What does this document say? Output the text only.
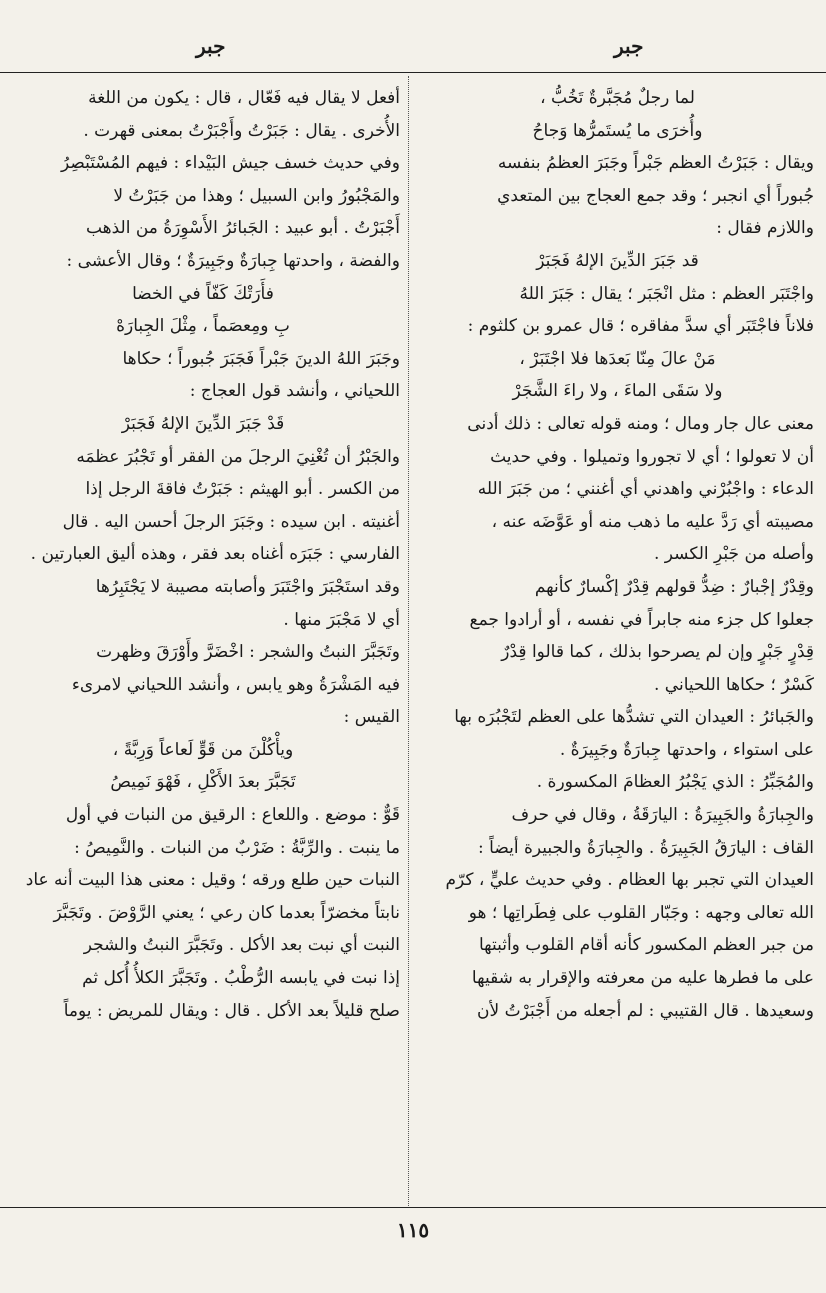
جبر	جبر

لما رجلٌ مُجَبَّرةٌ تَخُبُّ ،

وأُخرَى ما يُستَمرُّها وَجاحُ

ويقال : جَبَرْتُ العظم جَبْراً وجَبَرَ العظمُ بنفسه

جُبوراً أي انجبر ؛ وقد جمع العجاج بين المتعدي

واللازم فقال :

قد جَبَرَ الدِّينَ الإلهُ فَجَبَرْ

واجْتَبَر العظم : مثل انْجَبَر ؛ يقال : جَبَرَ اللهُ

فلاناً فاجْتَبَر أي سدَّ مفاقره ؛ قال عمرو بن كلثوم :

مَنْ عالَ مِنّا بَعدَها فلا اجْتَبَرْ ،

ولا سَقَى الماءَ ، ولا راءَ الشَّجَرْ

معنى عال جار ومال ؛ ومنه قوله تعالى : ذلك أدنى

أن لا تعولوا ؛ أي لا تجوروا وتميلوا . وفي حديث

الدعاء : واجْبُرْني واهدني أي أغنني ؛ من جَبَرَ الله

مصيبته أي رَدَّ عليه ما ذهب منه أو عَوَّضَه عنه ،

وأصله من جَبْرِ الكسر .

وقِدْرٌ إجْبارٌ : ضِدُّ قولهم قِدْرٌ إكْسارٌ كأنهم

جعلوا كل جزء منه جابراً في نفسه ، أو أرادوا جمع

قِدْرٍ جَبْرٍ وإن لم يصرحوا بذلك ، كما قالوا قِدْرٌ

كَسْرٌ ؛ حكاها اللحياني .

والجَبائرُ : العيدان التي تشدُّها على العظم لتَجْبُرَه بها

على استواء ، واحدتها جِبارَةٌ وجَبِيرَةٌ .

والمُجَبِّرُ : الذي يَجْبُرُ العظامَ المكسورة .

والجِبارَةُ والجَبِيرَةُ : اليارَقَةُ ، وقال في حرف

القاف : اليارَقُ الجَبِيرَةُ . والجِبارَةُ والجبيرة أيضاً :

العيدان التي تجبر بها العظام . وفي حديث عليٍّ ، كرّم

الله تعالى وجهه : وجَبّار القلوب على فِطَراتِها ؛ هو

من جبر العظم المكسور كأنه أقام القلوب وأثبتها

على ما فطرها عليه من معرفته والإقرار به شقيها

وسعيدها . قال القتيبي : لم أجعله من أَجْبَرْتُ لأن

أفعل لا يقال فيه فَعّال ، قال : يكون من اللغة

الأُخرى . يقال : جَبَرْتُ وأَجْبَرْتُ بمعنى قهرت .

وفي حديث خسف جيش البَيْداء : فيهم المُسْتَبْصِرُ

والمَجْبُورُ وابن السبيل ؛ وهذا من جَبَرْتُ لا

أَجْبَرْتُ . أبو عبيد : الجَبائرُ الأَسْوِرَةُ من الذهب

والفضة ، واحدتها جِبارَةٌ وجَبِيرَةٌ ؛ وقال الأعشى :

فأَرَتْكَ كَفّاً في الخضا

بِ ومِعصَماً ، مِثْلَ الجِبارَهْ

وجَبَرَ اللهُ الدينَ جَبْراً فَجَبَرَ جُبوراً ؛ حكاها

اللحياني ، وأنشد قول العجاج :

قَدْ جَبَرَ الدِّينَ الإلهُ فَجَبَرْ

والجَبْرُ أن تُغْنِيَ الرجلَ من الفقر أو تَجْبُرَ عظمَه

من الكسر . أبو الهيثم : جَبَرْتُ فاقةَ الرجل إذا

أغنيته . ابن سيده : وجَبَرَ الرجلَ أحسن اليه . قال

الفارسي : جَبَرَه أغناه بعد فقر ، وهذه أليق العبارتين .

وقد استَجْبَرَ واجْتَبَرَ وأصابته مصيبة لا يَجْتَبِرُها

أي لا مَجْبَرَ منها .

وتَجَبَّرَ النبتُ والشجر : اخْضَرَّ وأَوْرَقَ وظهرت

فيه المَشْرَةُ وهو يابس ، وأنشد اللحياني لامرىء

القيس :

ويأْكُلْنَ من قَوٍّ لَعاعاً وَرِبَّةً ،

تَجَبَّرَ بعدَ الأَكْلِ ، فَهْوَ نَمِيصُ

قَوٌّ : موضع . واللعاع : الرقيق من النبات في أول

ما ينبت . والرِّبَّةُ : ضَرْبٌ من النبات . والنَّمِيصُ :

النبات حين طلع ورقه ؛ وقيل : معنى هذا البيت أنه عاد

نابتاً مخضرّاً بعدما كان رعي ؛ يعني الرَّوْضَ . وتَجَبَّرَ

النبت أي نبت بعد الأكل . وتَجَبَّرَ النبتُ والشجر

إذا نبت في يابسه الرُّطْبُ . وتَجَبَّرَ الكلأُ أُكل ثم

صلح قليلاً بعد الأكل . قال : ويقال للمريض : يوماً

١١٥
